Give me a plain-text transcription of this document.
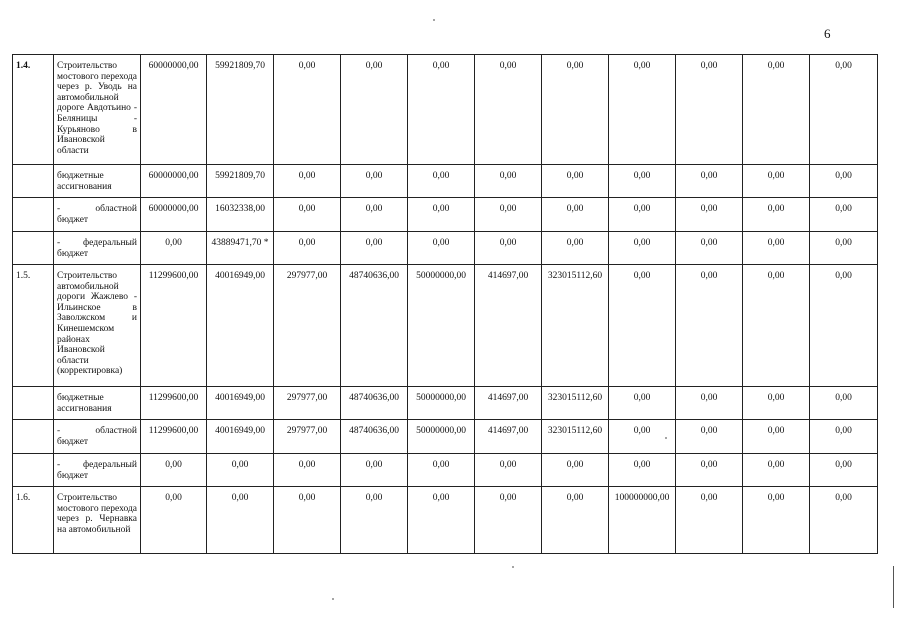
6
1.4.	Строительство мостового перехода через р. Уводь на автомобильной дороге Авдотьино - Беляницы - Курьяново в Ивановской области	60000000,00	59921809,70	0,00	0,00	0,00	0,00	0,00	0,00	0,00	0,00	0,00
	бюджетные ассигнования	60000000,00	59921809,70	0,00	0,00	0,00	0,00	0,00	0,00	0,00	0,00	0,00
	- областной бюджет	60000000,00	16032338,00	0,00	0,00	0,00	0,00	0,00	0,00	0,00	0,00	0,00
	- федеральный бюджет	0,00	43889471,70 *	0,00	0,00	0,00	0,00	0,00	0,00	0,00	0,00	0,00
1.5.	Строительство автомобильной дороги Жажлево - Ильинское в Заволжском и Кинешемском районах Ивановской области (корректировка)	11299600,00	40016949,00	297977,00	48740636,00	50000000,00	414697,00	323015112,60	0,00	0,00	0,00	0,00
	бюджетные ассигнования	11299600,00	40016949,00	297977,00	48740636,00	50000000,00	414697,00	323015112,60	0,00	0,00	0,00	0,00
	- областной бюджет	11299600,00	40016949,00	297977,00	48740636,00	50000000,00	414697,00	323015112,60	0,00	0,00	0,00	0,00
	- федеральный бюджет	0,00	0,00	0,00	0,00	0,00	0,00	0,00	0,00	0,00	0,00	0,00
1.6.	Строительство мостового перехода через р. Чернавка на автомобильной	0,00	0,00	0,00	0,00	0,00	0,00	0,00	100000000,00	0,00	0,00	0,00
